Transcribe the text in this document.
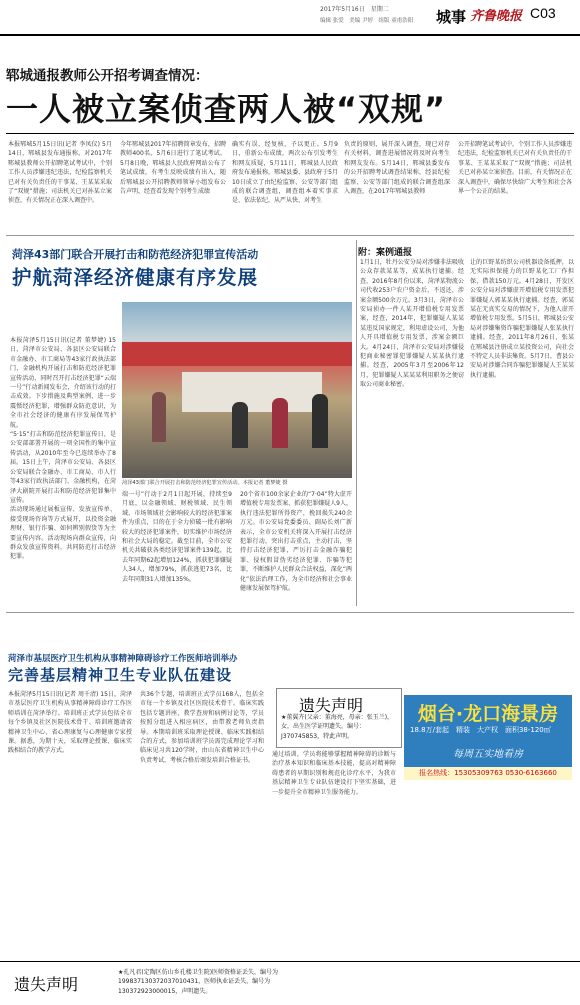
2017年5月16日　星期二
编辑 张爱　美编 尹婷　组版 童甫浩阳 城事 齐鲁晚报 C03
郓城通报教师公开招考调查情况：
一人被立案侦查两人被“双规”
本报郓城5月15日讯(记者 李凤仪) 5月14日，郓城县发布通报称，对2017年郓城县教师公开招聘笔试考试中，个别工作人员涉嫌违纪违法，纪检监察机关已对有关负责任的干事某、王某某采取了“双规”措施；司法机关已对孙某立案侦查，有关情况正在深入调查中。
今年郓城县2017年招聘简章发布，招聘教师400名，5月6日进行了笔试考试。5月8日晚，郓城县人民政府网站公布了笔试成绩，有考生反映成绩有出入，随后郓城县公开招聘教师领导小组发布公告声明，经查看发现个别考生成绩
确实有误，经复核，予以更正。5月9日，重新公布成绩，两次公布引发考生和网友质疑，5月11日，郓城县人民政府发布通报称，郓城县委、县政府于5月10日成立了由纪检监察、公安等部门组成的联合调查组，调查组本着实事求是、依法依纪，从严从快、对考生
负责的原则，展开深入调查，现已对存有关材料，调查进展情况将及时向考生和网友发布。5月14日，郓城县委发布的公开招聘考试调查结果称，经县纪检监察、公安等部门组成的联合调查组深入调查，在2017年郓城县教师
公开招聘笔试考试中，个别工作人员涉嫌违纪违法，纪检监察机关已对有关负责任的干事某、王某某采取了“双规”措施；司法机关已对孙某立案侦查。目前，有关情况正在深入调查中，确保尽快给广大考生和社会各界一个公正的结果。
菏泽43部门联合开展打击和防范经济犯罪宣传活动
护航菏泽经济健康有序发展
本报菏泽5月15日讯(记者 董梦婕) 15日，菏泽市公安局、各县区公安局联合市金融办、市工商局等43家行政执法部门，金融机构开展打击和防范经济犯罪宣传活动，同时召开打击经济犯罪“云端一号”行动新闻发布会，介绍该行动的打击成效。下步措施及典型案例，进一步震慑经济犯罪，增强群众防范意识，为全市社会经济的健康有序发展保驾护航。
“5·15”打击和防范经济犯罪宣传日，是公安部部署开展的一项全国性的集中宣传活动，从2010年至今已连续举办了8届。15日上午，菏泽市公安局、各县区公安局联合金融办、市工商局、市人行等43家行政执法部门、金融机构，在菏泽大剧院开展打击和防范经济犯罪集中宣传。
活动现场通过展板宣传、发放宣传单、接受现场咨询等方式展开，以投资金融理财、银行诈骗、如何辨别假货等为主要宣传内容。活动现场向群众宣传，向群众发放宣传资料，共同防范打击经济犯罪。
菏泽43部门联合开展打击和防范经济犯罪宣传活动。本报记者 董梦婕 摄
端一号”行动于2月1日起开展，持续至9月底，以金融领域、财税领域、民生领域、市场领域社会影响较大的经济犯罪案件为重点，目的在于全力侦破一批有影响较大的经济犯罪案件，切实维护市场经济和社会大局的稳定。截至目前，全市公安机关共破获各类经济犯罪案件139起，比去年同期62起增加124%，抓获犯罪嫌疑人34人，增加79%，抓获逃犯73名，比去年同期31人增加135%。
20个省市100余家企业的“7·04”特大虚开增值税专用发票案、抓获犯罪嫌疑人9人，执行违法犯罪所得资产，挽回损失240余万元。市公安局党委委员、副局长刘广新表示，全市公安机关将深入开展打击经济犯罪行动，突出打击重点，主动打击，坚持打击经济犯罪，严厉打击金融诈骗犯罪、侵权假冒伪劣经济犯罪、诈骗等犯罪，不断维护人民群众合法权益，深化“两化”依法治理工作，为全市经济和社会事业健康发展保驾护航。
附：案例通报
1月1日，牡丹公安分局对涉嫌非法吸收公众存款某某等，成某执行逮捕。经查，2016年8月份以来，菏泽某物流公司代收253户农户资金后，不返还，涉案金额500余万元。3月3日，菏泽市公安局侦办一件人某开增值税专用发票案，经查，2014年，犯罪嫌疑人某某某违反国家规定，利用虚设公司，为他人开具增值税专用发票，涉案金额巨大。4月24日，菏泽市公安局对涉嫌侵犯商业秘密罪犯罪嫌疑人某某执行逮捕。经查，2005年3月至2006年12月，犯罪嫌疑人某某某利用职务之便窃取公司商业秘密。
让的巨野某纺织公司机器设备抵押，以无实际担保能力的巨野某化工厂作担保，借款150万元。4月28日，开发区公安分局对涉嫌虚开增值税专用发票犯罪嫌疑人郭某某执行逮捕。经查，郭某某在无真实交易的情况下，为他人虚开增值税专用发票。5月5日，郓城县公安局对涉嫌集资诈骗犯罪嫌疑人张某执行逮捕。经查，2011年8月26日，张某在郓城县注册成立某投资公司，向社会不特定人员非法集资。5月7日，曹县公安局对涉嫌合同诈骗犯罪嫌疑人王某某执行逮捕。
菏泽市基层医疗卫生机构从事精神障碍诊疗工作医师培训举办
完善基层精神卫生专业队伍建设
本报菏泽5月15日讯(记者 周千清) 15日，菏泽市基层医疗卫生机构从事精神障碍诊疗工作医师培训在菏泽举行。培训班正式学员包括全市每个乡镇及社区医院技术骨干、培训班邀请省精神卫生中心、省心理康复与心理健康专家授课。据悉，为期十天，采取理论授课、临床实践相结合的教学方式。
共36个专题，培训班正式学员168人，包括全市每一个乡镇及社区医院技术骨干。临床实践包括专题讲座、教学查房和病例讨论等，学员按照分组进入相应病区，由带教老师负责指导。本期培训班采取理论授课、临床实践相结合的方式，参加培训班学员需完成理论学习和临床见习共120学时，由山东省精神卫生中心负责考试，考核合格后颁发培训合格证书。
通过培训，学员将能够掌握精神障碍的诊断与治疗基本知识和临床基本技能，提高对精神障碍患者的早期识别和规范化诊疗水平，为我市基层精神卫生专业队伍建设打下坚实基础，进一步提升全市精神卫生服务能力。
遗失声明
★董翼卉(父亲：董海亮，母亲：张玉兰)，女，出生医学证明遗失，编号：J370745853，特此声明。
烟台·龙口海景房
18.8万/套起　精装　大产权　面积38-120㎡
每周五实地看房
报名热线：15305309763 0530-6163660
遗失声明
★孔凡君(定陶区仿山乡孔楼卫生院)医师资格证丢失，编号为199837130372037010431，医师执业证丢失，编号为130372923000015，声明遗失。
